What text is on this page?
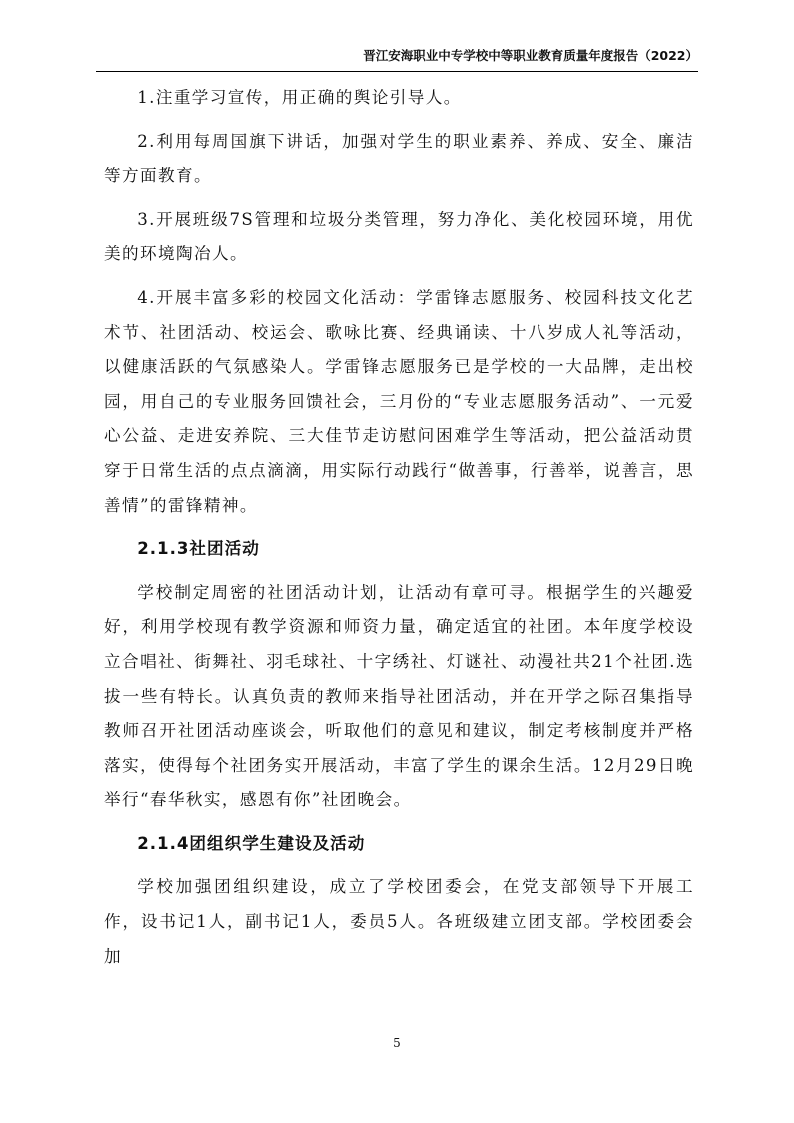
晋江安海职业中专学校中等职业教育质量年度报告（2022）

1.注重学习宣传，用正确的舆论引导人。

2.利用每周国旗下讲话，加强对学生的职业素养、养成、安全、廉洁等方面教育。

3.开展班级7S管理和垃圾分类管理，努力净化、美化校园环境，用优美的环境陶冶人。

4.开展丰富多彩的校园文化活动：学雷锋志愿服务、校园科技文化艺术节、社团活动、校运会、歌咏比赛、经典诵读、十八岁成人礼等活动，以健康活跃的气氛感染人。学雷锋志愿服务已是学校的一大品牌，走出校园，用自己的专业服务回馈社会，三月份的“专业志愿服务活动”、一元爱心公益、走进安养院、三大佳节走访慰问困难学生等活动，把公益活动贯穿于日常生活的点点滴滴，用实际行动践行“做善事，行善举，说善言，思善情”的雷锋精神。

2.1.3社团活动

学校制定周密的社团活动计划，让活动有章可寻。根据学生的兴趣爱好，利用学校现有教学资源和师资力量，确定适宜的社团。本年度学校设立合唱社、街舞社、羽毛球社、十字绣社、灯谜社、动漫社共21个社团.选拔一些有特长。认真负责的教师来指导社团活动，并在开学之际召集指导教师召开社团活动座谈会，听取他们的意见和建议，制定考核制度并严格落实，使得每个社团务实开展活动，丰富了学生的课余生活。12月29日晚举行“春华秋实，感恩有你”社团晚会。

2.1.4团组织学生建设及活动

学校加强团组织建设，成立了学校团委会，在党支部领导下开展工作，设书记1人，副书记1人，委员5人。各班级建立团支部。学校团委会加

5
